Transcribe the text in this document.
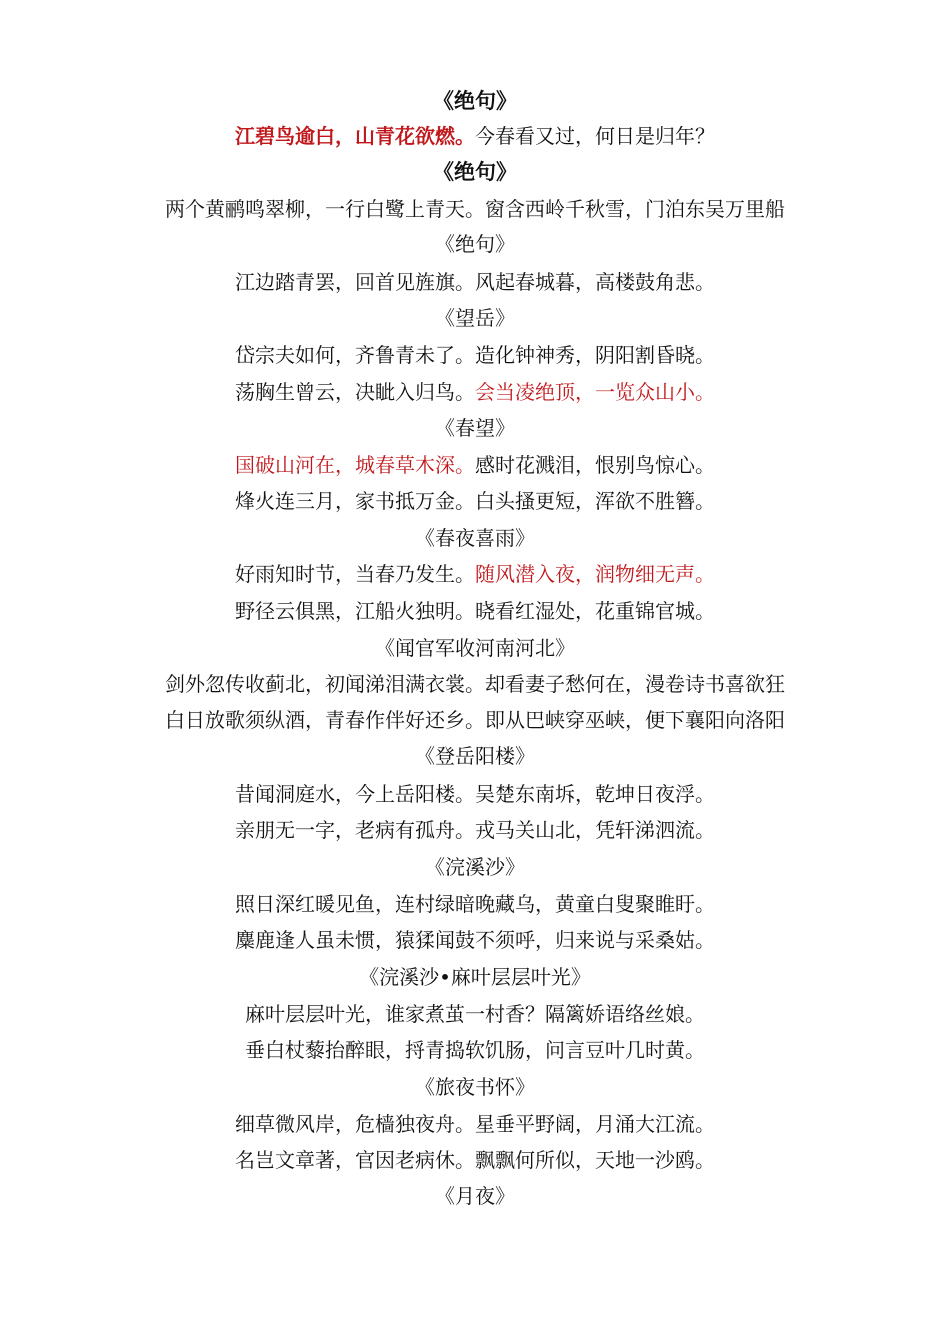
《绝句》
江碧鸟逾白，山青花欲燃。今春看又过，何日是归年？
《绝句》
两个黄鹂鸣翠柳，一行白鹭上青天。窗含西岭千秋雪，门泊东吴万里船
《绝句》
江边踏青罢，回首见旌旗。风起春城暮，高楼鼓角悲。
《望岳》
岱宗夫如何，齐鲁青未了。造化钟神秀，阴阳割昏晓。
荡胸生曾云，决眦入归鸟。会当凌绝顶，一览众山小。
《春望》
国破山河在，城春草木深。感时花溅泪，恨别鸟惊心。
烽火连三月，家书抵万金。白头搔更短，浑欲不胜簪。
《春夜喜雨》
好雨知时节，当春乃发生。随风潜入夜，润物细无声。
野径云俱黑，江船火独明。晓看红湿处，花重锦官城。
《闻官军收河南河北》
剑外忽传收蓟北，初闻涕泪满衣裳。却看妻子愁何在，漫卷诗书喜欲狂
白日放歌须纵酒，青春作伴好还乡。即从巴峡穿巫峡，便下襄阳向洛阳
《登岳阳楼》
昔闻洞庭水，今上岳阳楼。吴楚东南坼，乾坤日夜浮。
亲朋无一字，老病有孤舟。戎马关山北，凭轩涕泗流。
《浣溪沙》
照日深红暖见鱼，连村绿暗晚藏乌，黄童白叟聚睢盱。
麋鹿逢人虽未惯，猿猱闻鼓不须呼，归来说与采桑姑。
《浣溪沙•麻叶层层叶光》
麻叶层层叶光，谁家煮茧一村香？隔篱娇语络丝娘。
垂白杖藜抬醉眼，捋青捣软饥肠，问言豆叶几时黄。
《旅夜书怀》
细草微风岸，危樯独夜舟。星垂平野阔，月涌大江流。
名岂文章著，官因老病休。飘飘何所似，天地一沙鸥。
《月夜》
